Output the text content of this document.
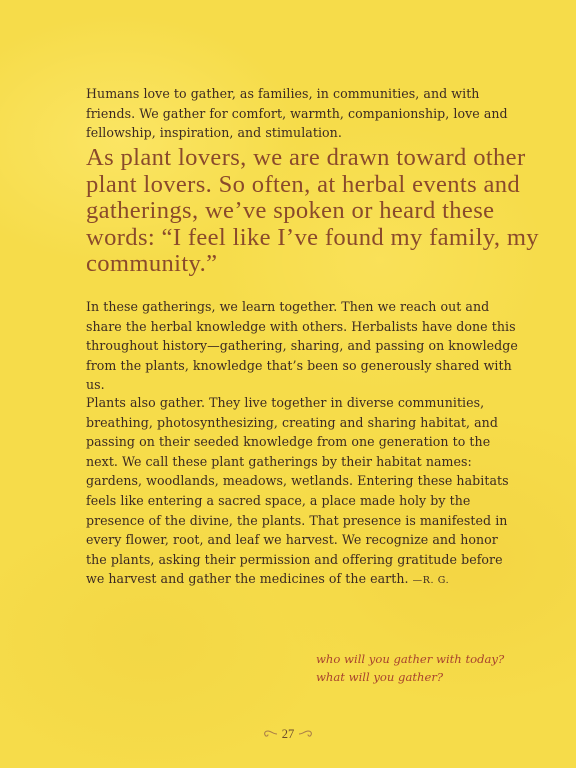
Humans love to gather, as families, in communities, and with friends. We gather for comfort, warmth, companionship, love and fellowship, inspiration, and stimulation.

As plant lovers, we are drawn toward other plant lovers. So often, at herbal events and gatherings, we’ve spoken or heard these words: “I feel like I’ve found my family, my community.”

In these gatherings, we learn together. Then we reach out and share the herbal knowledge with others. Herbalists have done this throughout history—gathering, sharing, and passing on knowledge from the plants, knowledge that’s been so generously shared with us.

Plants also gather. They live together in diverse communities, breathing, photosynthesizing, creating and sharing habitat, and passing on their seeded knowledge from one generation to the next. We call these plant gatherings by their habitat names: gardens, woodlands, meadows, wetlands. Entering these habitats feels like entering a sacred space, a place made holy by the presence of the divine, the plants. That presence is manifested in every flower, root, and leaf we harvest. We recognize and honor the plants, asking their permission and offering gratitude before we harvest and gather the medicines of the earth. —R. G.

who will you gather with today?

what will you gather?

27
